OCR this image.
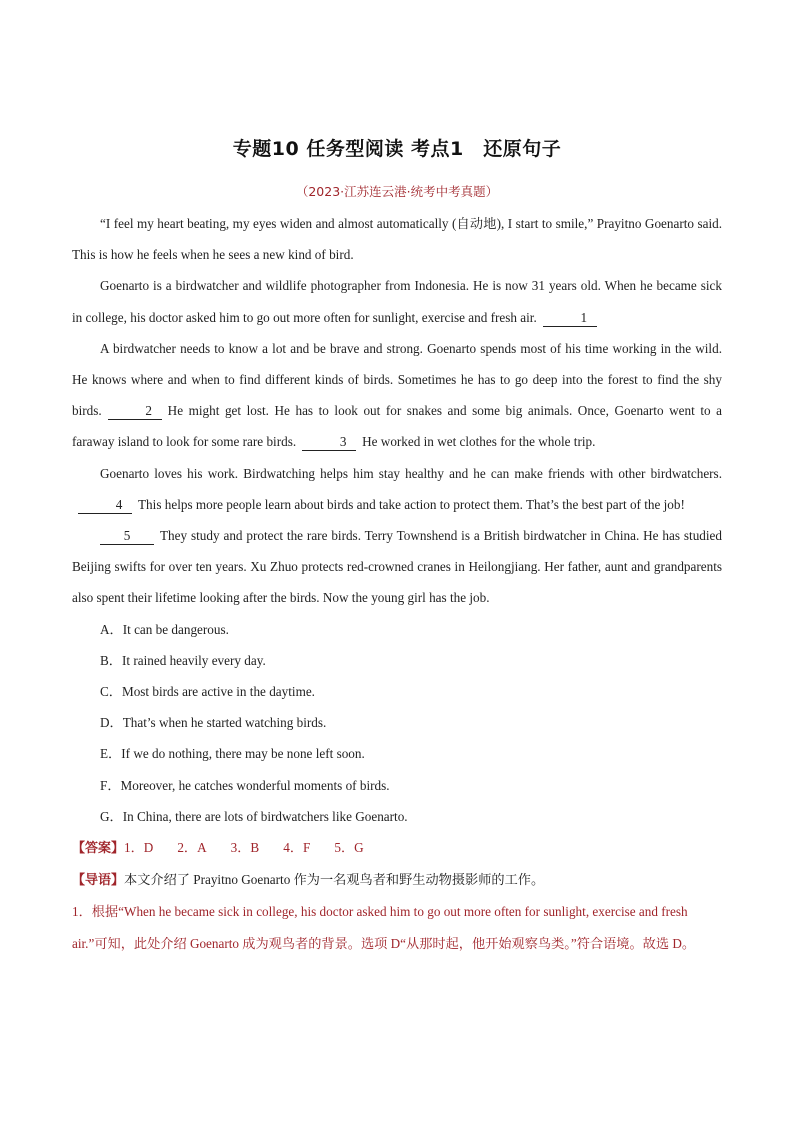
专题10 任务型阅读 考点1　还原句子
（2023·江苏连云港·统考中考真题）

“I feel my heart beating, my eyes widen and almost automatically (自动地), I start to smile,” Prayitno Goenarto said. This is how he feels when he sees a new kind of bird.

Goenarto is a birdwatcher and wildlife photographer from Indonesia. He is now 31 years old. When he became sick in college, his doctor asked him to go out more often for sunlight, exercise and fresh air.	1

A birdwatcher needs to know a lot and be brave and strong. Goenarto spends most of his time working in the wild. He knows where and when to find different kinds of birds. Sometimes he has to go deep into the forest to find the shy birds.	2 He might get lost. He has to look out for snakes and some big animals. Once, Goenarto went to a faraway island to look for some rare birds.	3 He worked in wet clothes for the whole trip.

Goenarto loves his work. Birdwatching helps him stay healthy and he can make friends with other birdwatchers.4 This helps more people learn about birds and take action to protect them. That’s the best part of the job!

5 They study and protect the rare birds. Terry Townshend is a British birdwatcher in China. He has studied Beijing swifts for over ten years. Xu Zhuo protects red-crowned cranes in Heilongjiang. Her father, aunt and grandparents also spent their lifetime looking after the birds. Now the young girl has the job.

A．It can be dangerous.
B．It rained heavily every day.
C．Most birds are active in the daytime.
D．That’s when he started watching birds.
E．If we do nothing, there may be none left soon.
F．Moreover, he catches wonderful moments of birds.
G．In China, there are lots of birdwatchers like Goenarto.

【答案】1．D 2．A 3．B 4．F 5．G

【导语】本文介绍了 Prayitno Goenarto 作为一名观鸟者和野生动物摄影师的工作。

1．根据“When he became sick in college, his doctor asked him to go out more often for sunlight, exercise and fresh air.”可知，此处介绍 Goenarto 成为观鸟者的背景。选项 D“从那时起，他开始观察鸟类。”符合语境。故选 D。
